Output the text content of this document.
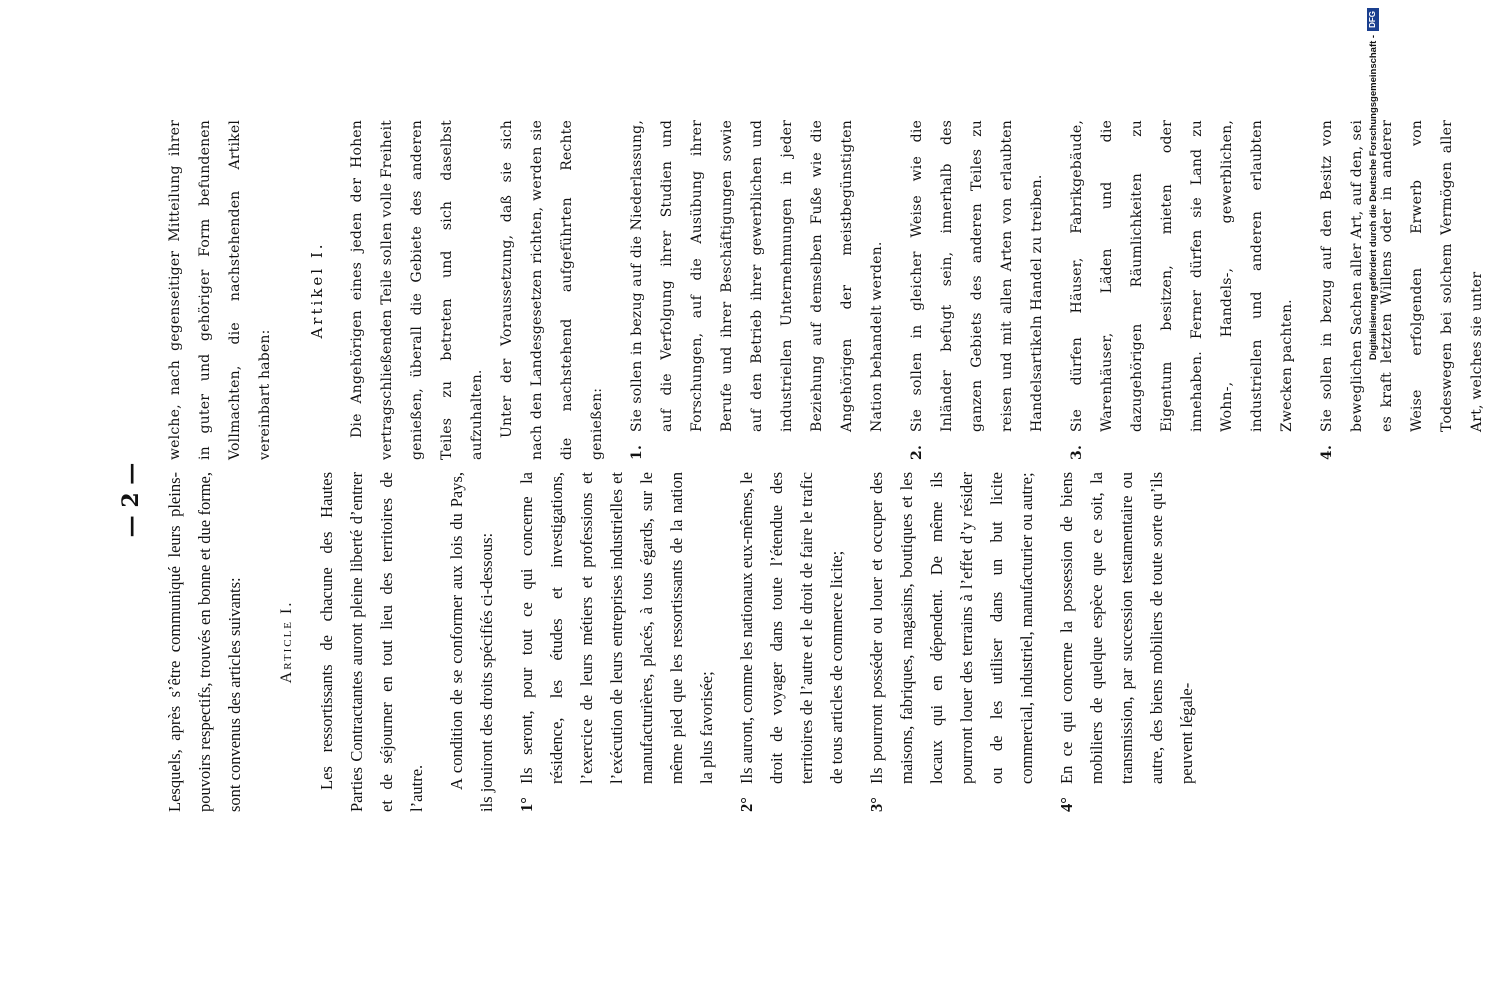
— 2 —	Lesquels, après s’être communiqué leurs pleins-pouvoirs respectifs, trouvés en bonne et due forme, sont convenus des articles suivants:	Article I.	Les ressortissants de chacune des Hautes Parties Contractantes auront pleine liberté d’entrer et de séjourner en tout lieu des territoires de l’autre.	A condition de se conformer aux lois du Pays, ils jouiront des droits spécifiés ci-dessous:	1°
Ils seront, pour tout ce qui concerne la résidence, les études et investigations, l’exercice de leurs métiers et professions et l’exécution de leurs entreprises industrielles et manufacturières, placés, à tous égards, sur le même pied que les ressortissants de la nation la plus favorisée;
2°
Ils auront, comme les nationaux eux-mêmes, le droit de voyager dans toute l’étendue des territoires de l’autre et le droit de faire le trafic de tous articles de commerce licite;
3°
Ils pourront posséder ou louer et occuper des maisons, fabriques, magasins, boutiques et les locaux qui en dépendent. De même ils pourront louer des terrains à l’effet d’y résider ou de les utiliser dans un but licite commercial, industriel, manufacturier ou autre;
4°
En ce qui concerne la possession de biens mobiliers de quelque espèce que ce soit, la transmission, par succession testamentaire ou autre, des biens mobiliers de toute sorte qu’ils peuvent légale-

welche, nach gegenseitiger Mitteilung ihrer in guter und gehöriger Form befundenen Vollmachten, die nachstehenden Artikel vereinbart haben:

Artikel I.	Die Angehörigen eines jeden der Hohen vertragschließenden Teile sollen volle Freiheit genießen, überall die Gebiete des anderen Teiles zu betreten und sich daselbst aufzuhalten.	Unter der Voraussetzung, daß sie sich nach den Landesgesetzen richten, werden sie die nachstehend aufgeführten Rechte genießen:	1.
Sie sollen in bezug auf die Niederlassung, auf die Verfolgung ihrer Studien und Forschungen, auf die Ausübung ihrer Berufe und ihrer Beschäftigungen sowie auf den Betrieb ihrer gewerblichen und industriellen Unternehmungen in jeder Beziehung auf demselben Fuße wie die Angehörigen der meistbegünstigten Nation behandelt werden.
2.
Sie sollen in gleicher Weise wie die Inländer befugt sein, innerhalb des ganzen Gebiets des anderen Teiles zu reisen und mit allen Arten von erlaubten Handelsartikeln Handel zu treiben.
3.
Sie dürfen Häuser, Fabrikgebäude, Warenhäuser, Läden und die dazugehörigen Räumlichkeiten zu Eigentum besitzen, mieten oder innehaben. Ferner dürfen sie Land zu Wohn-, Handels-, gewerblichen, industriellen und anderen erlaubten Zwecken pachten.
4.
Sie sollen in bezug auf den Besitz von beweglichen Sachen aller Art, auf den, sei es kraft letzten Willens oder in anderer Weise erfolgenden Erwerb von Todeswegen bei solchem Vermögen aller Art, welches sie unter
Digitalisierung gefördert durch die Deutsche Forschungsgemeinschaft -
DFG
